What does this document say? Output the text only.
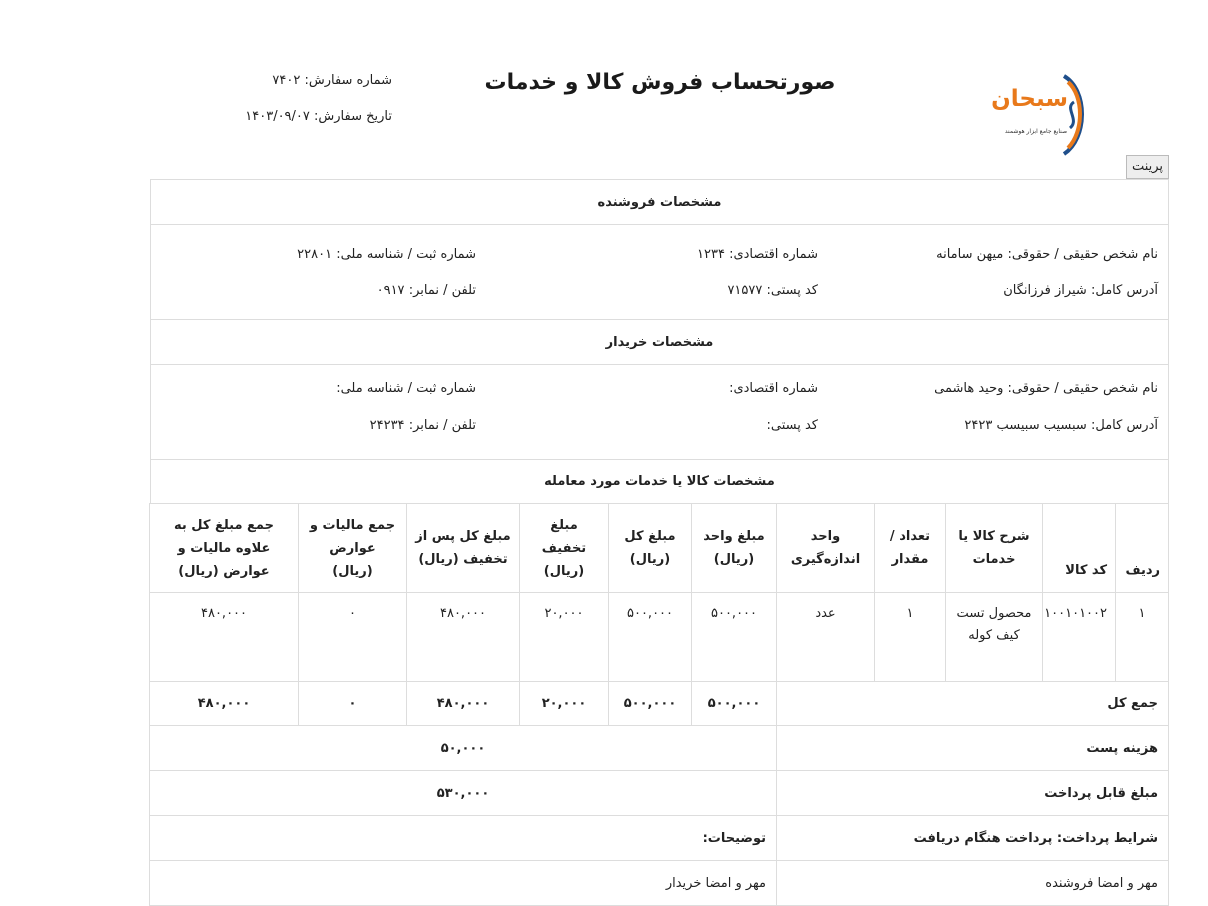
شماره سفارش: ۷۴۰۲
تاریخ سفارش: ۱۴۰۳/۰۹/۰۷
صورتحساب فروش کالا و خدمات
سبحان
صنایع جامع ابزار هوشمند
پرینت
مشخصات فروشنده
آدرس کامل: شیراز فرزانگان
نام شخص حقیقی / حقوقی: میهن سامانه
شماره اقتصادی: ۱۲۳۴
کد پستی: ۷۱۵۷۷
شماره ثبت / شناسه ملی: ۲۲۸۰۱
تلفن / نمابر: ۰۹۱۷
مشخصات خریدار
نام شخص حقیقی / حقوقی: وحید هاشمی
آدرس کامل: سبسیب سبیسب ۲۴۲۳
شماره اقتصادی:
کد پستی:
شماره ثبت / شناسه ملی:
تلفن / نمابر: ۲۴۲۳۴
مشخصات کالا یا خدمات مورد معامله
ردیف	کد کالا	شرح کالا یا خدمات	تعداد / مقدار	واحد اندازه‌گیری	مبلغ واحد (ریال)	مبلغ کل (ریال)	مبلغ تخفیف (ریال)	مبلغ کل پس از تخفیف (ریال)	جمع مالیات و عوارض (ریال)	جمع مبلغ کل به علاوه مالیات و عوارض (ریال)
۱	۱۰۰۱۰۱۰۰۲	محصول تست کیف کوله	۱	عدد	۵۰۰,۰۰۰	۵۰۰,۰۰۰	۲۰,۰۰۰	۴۸۰,۰۰۰	۰	۴۸۰,۰۰۰
جمع کل					۵۰۰,۰۰۰	۵۰۰,۰۰۰	۲۰,۰۰۰	۴۸۰,۰۰۰	۰	۴۸۰,۰۰۰
هزینه پست					۵۰,۰۰۰					
مبلغ قابل پرداخت					۵۳۰,۰۰۰					
شرایط پرداخت: پرداخت هنگام دریافت					توضیحات:					
مهر و امضا فروشنده					مهر و امضا خریدار					
